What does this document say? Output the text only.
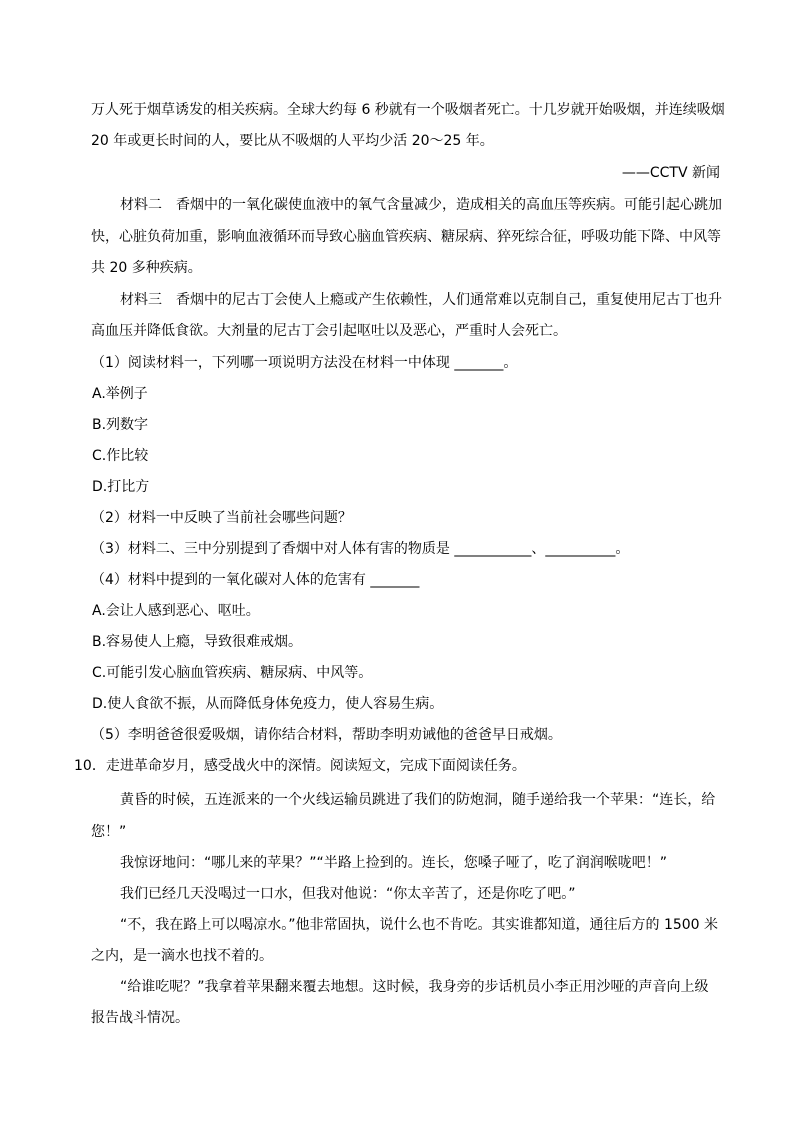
万人死于烟草诱发的相关疾病。全球大约每 6 秒就有一个吸烟者死亡。十几岁就开始吸烟，并连续吸烟
20 年或更长时间的人，要比从不吸烟的人平均少活 20～25 年。
——CCTV 新闻
材料二　香烟中的一氧化碳使血液中的氧气含量减少，造成相关的高血压等疾病。可能引起心跳加
快，心脏负荷加重，影响血液循环而导致心脑血管疾病、糖尿病、猝死综合征，呼吸功能下降、中风等
共 20 多种疾病。
材料三　香烟中的尼古丁会使人上瘾或产生依赖性，人们通常难以克制自己，重复使用尼古丁也升
高血压并降低食欲。大剂量的尼古丁会引起呕吐以及恶心，严重时人会死亡。
（1）阅读材料一，下列哪一项说明方法没在材料一中体现 _______。
A.举例子
B.列数字
C.作比较
D.打比方
（2）材料一中反映了当前社会哪些问题？
（3）材料二、三中分别提到了香烟中对人体有害的物质是 ___________、__________。
（4）材料中提到的一氧化碳对人体的危害有 _______
A.会让人感到恶心、呕吐。
B.容易使人上瘾，导致很难戒烟。
C.可能引发心脑血管疾病、糖尿病、中风等。
D.使人食欲不振，从而降低身体免疫力，使人容易生病。
（5）李明爸爸很爱吸烟，请你结合材料，帮助李明劝诫他的爸爸早日戒烟。
10．走进革命岁月，感受战火中的深情。阅读短文，完成下面阅读任务。
黄昏的时候，五连派来的一个火线运输员跳进了我们的防炮洞，随手递给我一个苹果：“连长，给
您！”
我惊讶地问：“哪儿来的苹果？”“半路上捡到的。连长，您嗓子哑了，吃了润润喉咙吧！”
我们已经几天没喝过一口水，但我对他说：“你太辛苦了，还是你吃了吧。”
“不，我在路上可以喝凉水。”他非常固执，说什么也不肯吃。其实谁都知道，通往后方的 1500 米
之内，是一滴水也找不着的。
“给谁吃呢？”我拿着苹果翻来覆去地想。这时候，我身旁的步话机员小李正用沙哑的声音向上级
报告战斗情况。
